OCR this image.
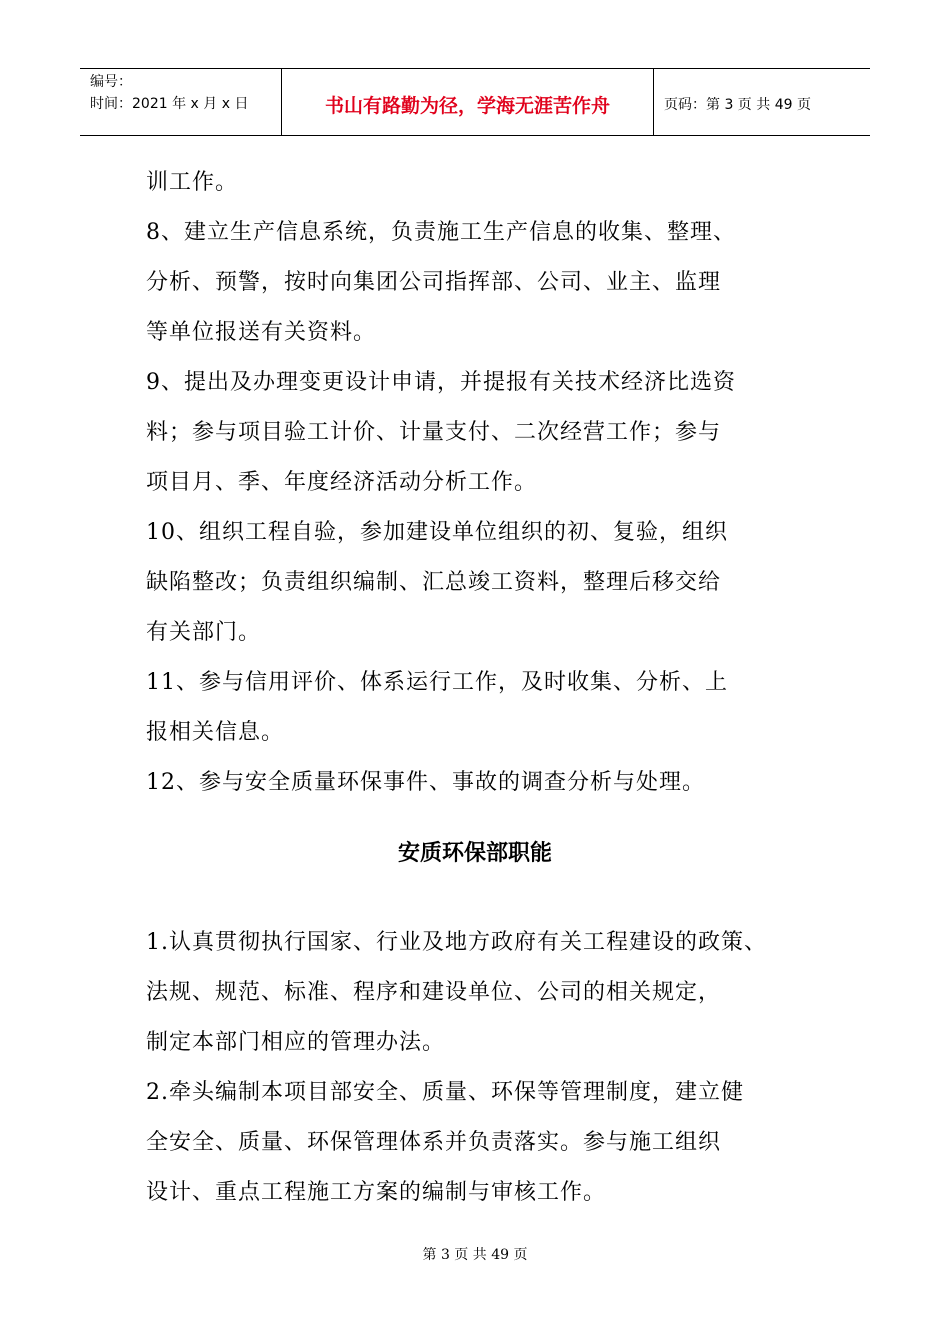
编号：
时间：2021 年 x 月 x 日	书山有路勤为径，学海无涯苦作舟	页码：第 3 页 共 49 页

训工作。

8、建立生产信息系统，负责施工生产信息的收集、整理、

分析、预警，按时向集团公司指挥部、公司、业主、监理

等单位报送有关资料。

9、提出及办理变更设计申请，并提报有关技术经济比选资

料；参与项目验工计价、计量支付、二次经营工作；参与

项目月、季、年度经济活动分析工作。

10、组织工程自验，参加建设单位组织的初、复验，组织

缺陷整改；负责组织编制、汇总竣工资料，整理后移交给

有关部门。

11、参与信用评价、体系运行工作，及时收集、分析、上

报相关信息。

12、参与安全质量环保事件、事故的调查分析与处理。

安质环保部职能

1.认真贯彻执行国家、行业及地方政府有关工程建设的政策、

法规、规范、标准、程序和建设单位、公司的相关规定，

制定本部门相应的管理办法。

2.牵头编制本项目部安全、质量、环保等管理制度，建立健

全安全、质量、环保管理体系并负责落实。参与施工组织

设计、重点工程施工方案的编制与审核工作。

第 3 页 共 49 页
